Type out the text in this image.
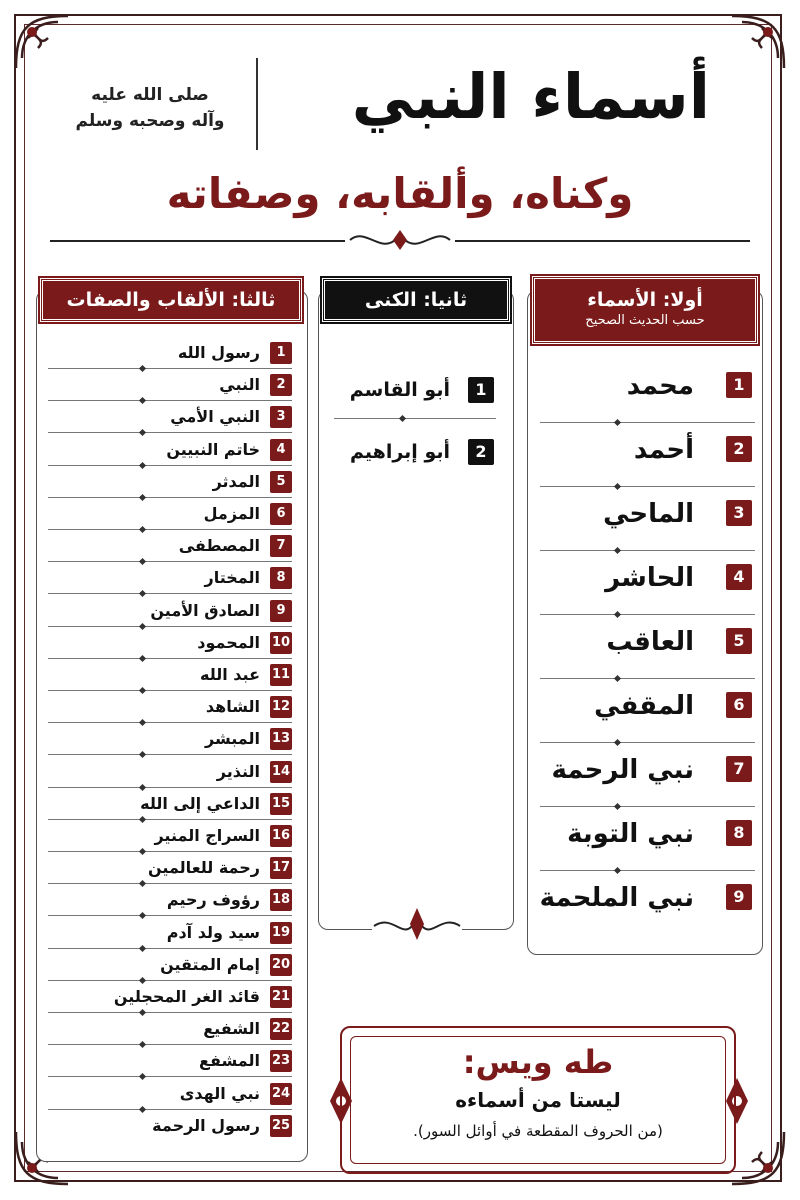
أسماء النبي
صلى الله عليه
وآله وصحبه وسلم
وكناه، وألقابه، وصفاته
أولا: الأسماء
حسب الحديث الصحيح
ثانيا: الكنى
ثالثا: الألقاب والصفات
1
محمد
2
أحمد
3
الماحي
4
الحاشر
5
العاقب
6
المقفي
7
نبي الرحمة
8
نبي التوبة
9
نبي الملحمة
1
أبو القاسم
2
أبو إبراهيم
1
رسول الله
2
النبي
3
النبي الأمي
4
خاتم النبيين
5
المدثر
6
المزمل
7
المصطفى
8
المختار
9
الصادق الأمين
10
المحمود
11
عبد الله
12
الشاهد
13
المبشر
14
النذير
15
الداعي إلى الله
16
السراج المنير
17
رحمة للعالمين
18
رؤوف رحيم
19
سيد ولد آدم
20
إمام المتقين
21
قائد الغر المحجلين
22
الشفيع
23
المشفع
24
نبي الهدى
25
رسول الرحمة
طه ويس:
ليستا من أسماءه
(من الحروف المقطعة في أوائل السور).
